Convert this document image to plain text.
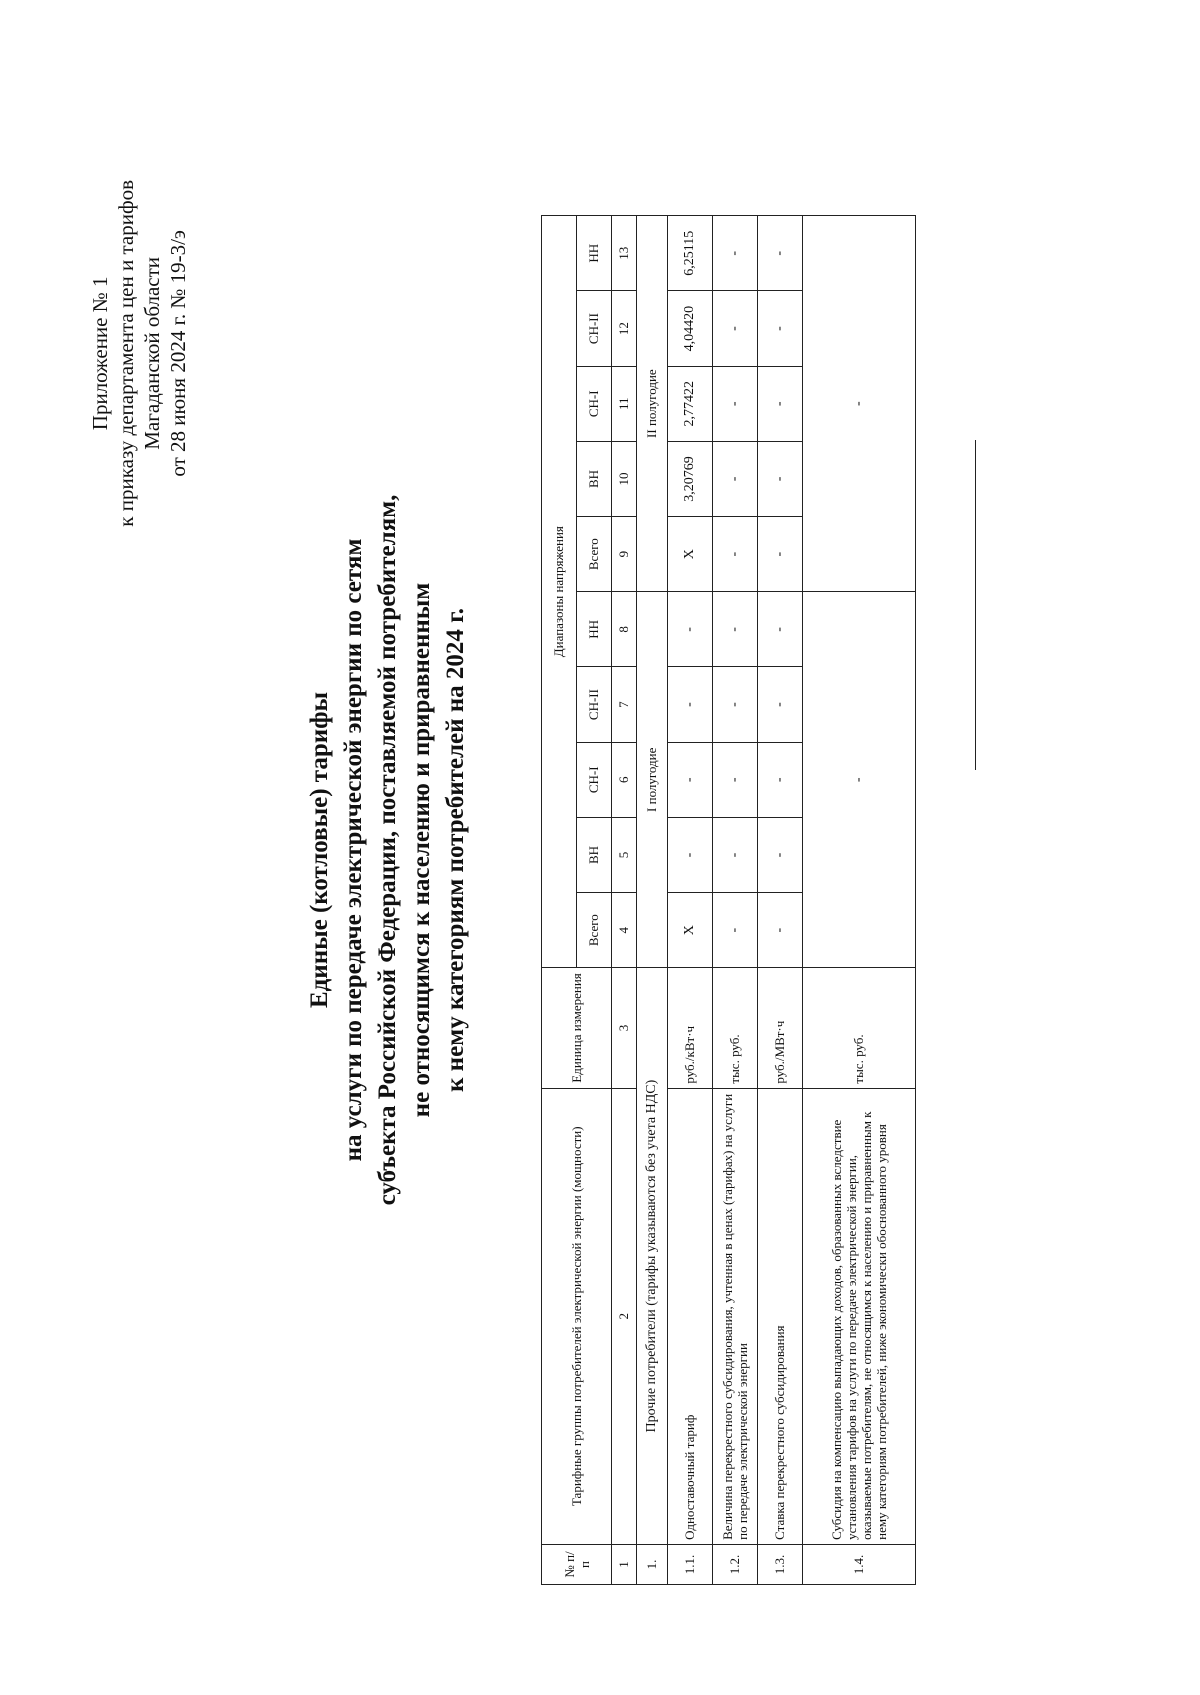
Приложение № 1 к приказу департамента цен и тарифов Магаданской области от 28 июня 2024 г. № 19-3/э
Единые (котловые) тарифы на услуги по передаче электрической энергии по сетям субъекта Российской Федерации, поставляемой потребителям, не относящимся к населению и приравненным к нему категориям потребителей на 2024 г.
№ п/п	Тарифные группы потребителей электрической энергии (мощности)	Единица измерения	Диапазоны напряжения									
			Всего	ВН	СН-I	СН-II	НН	Всего	ВН	СН-I	СН-II	НН
1	2	3	4	5	6	7	8	9	10	11	12	13
1.	Прочие потребители (тарифы указываются без учета НДС)		I полугодие					II полугодие				

1.1.	Одноставочный тариф	руб./кВт·ч	X	-	-	-	-	X	3,20769	2,77422	4,04420	6,25115
1.2.	Величина перекрестного субсидирования, учтенная в ценах (тарифах) на услуги по передаче электрической энергии	тыс. руб.	-	-	-	-	-	-	-	-	-	-
1.3.	Ставка перекрестного субсидирования	руб./МВт·ч	-	-	-	-	-	-	-	-	-	-
1.4.	Субсидия на компенсацию выпадающих доходов, образованных вследствие установления тарифов на услуги по передаче электрической энергии, оказываемые потребителям, не относящимся к населению и приравненным к нему категориям потребителей, ниже экономически обоснованного уровня	тыс. руб.	-					-				
